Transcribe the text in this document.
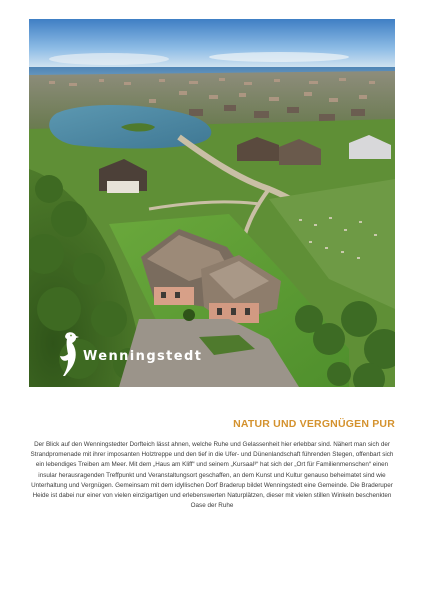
Wenningstedt
NATUR UND VERGNÜGEN PUR

Der Blick auf den Wenningstedter Dorfteich lässt ahnen, welche Ruhe und Gelassenheit hier erlebbar sind. Nähert man sich der Strandpromenade mit ihrer imposanten Holztreppe und den tief in die Ufer- und Dünenlandschaft führenden Stegen, offenbart sich ein lebendiges Treiben am Meer. Mit dem „Haus am Kliff“ und seinem „Kursaal³“ hat sich der „Ort für Familienmenschen“ einen insular herausragenden Treffpunkt und Veranstaltungsort geschaffen, an dem Kunst und Kultur genauso beheimatet sind wie Unterhaltung und Vergnügen. Gemeinsam mit dem idyllischen Dorf Braderup bildet Wenningstedt eine Gemeinde. Die Braderuper Heide ist dabei nur einer von vielen einzigartigen und erlebenswerten Naturplätzen, dieser mit vielen stillen Winkeln beschenkten Oase der Ruhe
